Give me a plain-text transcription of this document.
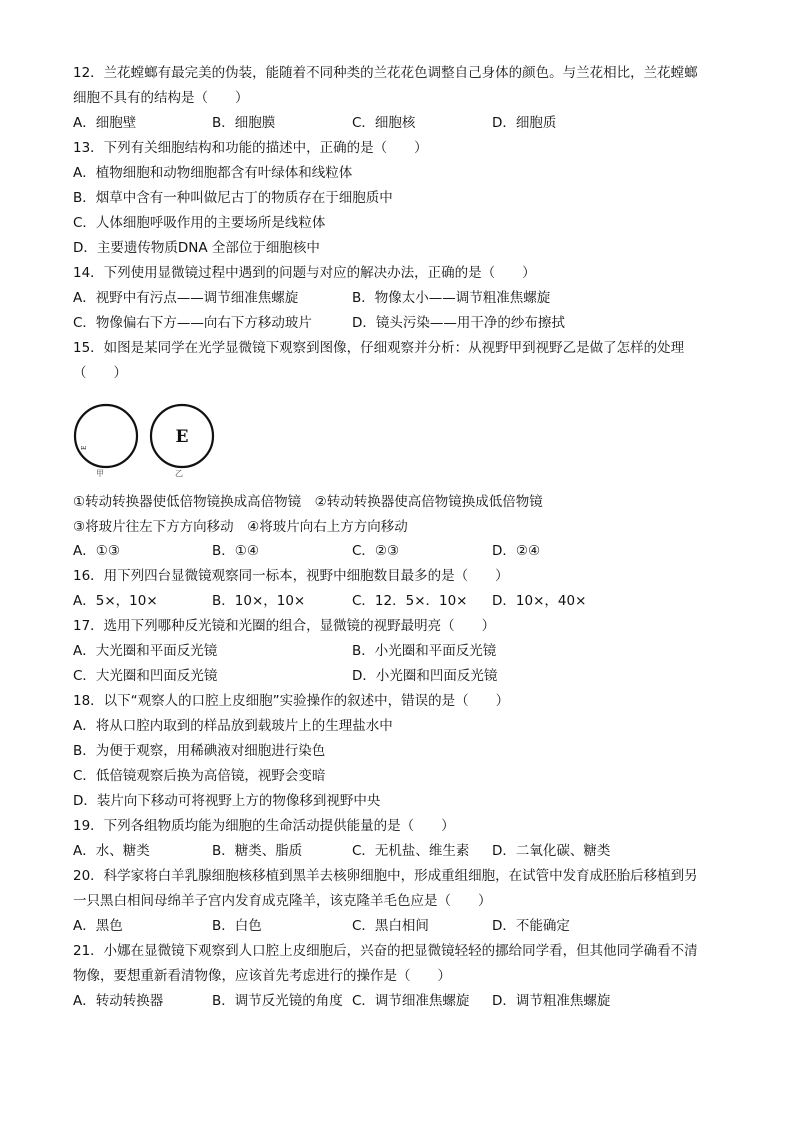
12．兰花螳螂有最完美的伪装，能随着不同种类的兰花花色调整自己身体的颜色。与兰花相比，兰花螳螂
细胞不具有的结构是（　　）
A．细胞壁	B．细胞膜	C．细胞核	D．细胞质
13．下列有关细胞结构和功能的描述中，正确的是（　　）
A．植物细胞和动物细胞都含有叶绿体和线粒体
B．烟草中含有一种叫做尼古丁的物质存在于细胞质中
C．人体细胞呼吸作用的主要场所是线粒体
D．主要遗传物质DNA 全部位于细胞核中
14．下列使用显微镜过程中遇到的问题与对应的解决办法，正确的是（　　）
A．视野中有污点——调节细准焦螺旋	B．物像太小——调节粗准焦螺旋
C．物像偏右下方——向右下方移动玻片	D．镜头污染——用干净的纱布擦拭
15．如图是某同学在光学显微镜下观察到图像，仔细观察并分析：从视野甲到视野乙是做了怎样的处理
（　　）
E
E
甲	乙
①转动转换器使低倍物镜换成高倍物镜　②转动转换器使高倍物镜换成低倍物镜
③将玻片往左下方方向移动　④将玻片向右上方方向移动
A．①③	B．①④	C．②③	D．②④
16．用下列四台显微镜观察同一标本，视野中细胞数目最多的是（　　）
A．5×，10×	B．10×，10×	C．12．5×．10× D．10×，40×
17．选用下列哪种反光镜和光圈的组合，显微镜的视野最明亮（　　）
A．大光圈和平面反光镜	B．小光圈和平面反光镜
C．大光圈和凹面反光镜	D．小光圈和凹面反光镜
18．以下“观察人的口腔上皮细胞”实验操作的叙述中，错误的是（　　）
A．将从口腔内取到的样品放到载玻片上的生理盐水中
B．为便于观察，用稀碘液对细胞进行染色
C．低倍镜观察后换为高倍镜，视野会变暗
D．装片向下移动可将视野上方的物像移到视野中央
19．下列各组物质均能为细胞的生命活动提供能量的是（　　）
A．水、糖类	B．糖类、脂质	C．无机盐、维生素 D．二氧化碳、糖类
20．科学家将白羊乳腺细胞核移植到黑羊去核卵细胞中，形成重组细胞，在试管中发育成胚胎后移植到另
一只黑白相间母绵羊子宫内发育成克隆羊，该克隆羊毛色应是（　　）
A．黑色	B．白色	C．黑白相间	D．不能确定
21．小娜在显微镜下观察到人口腔上皮细胞后，兴奋的把显微镜轻轻的挪给同学看，但其他同学确看不清
物像，要想重新看清物像，应该首先考虑进行的操作是（　　）
A．转动转换器	B．调节反光镜的角度 C．调节细准焦螺旋 D．调节粗准焦螺旋
